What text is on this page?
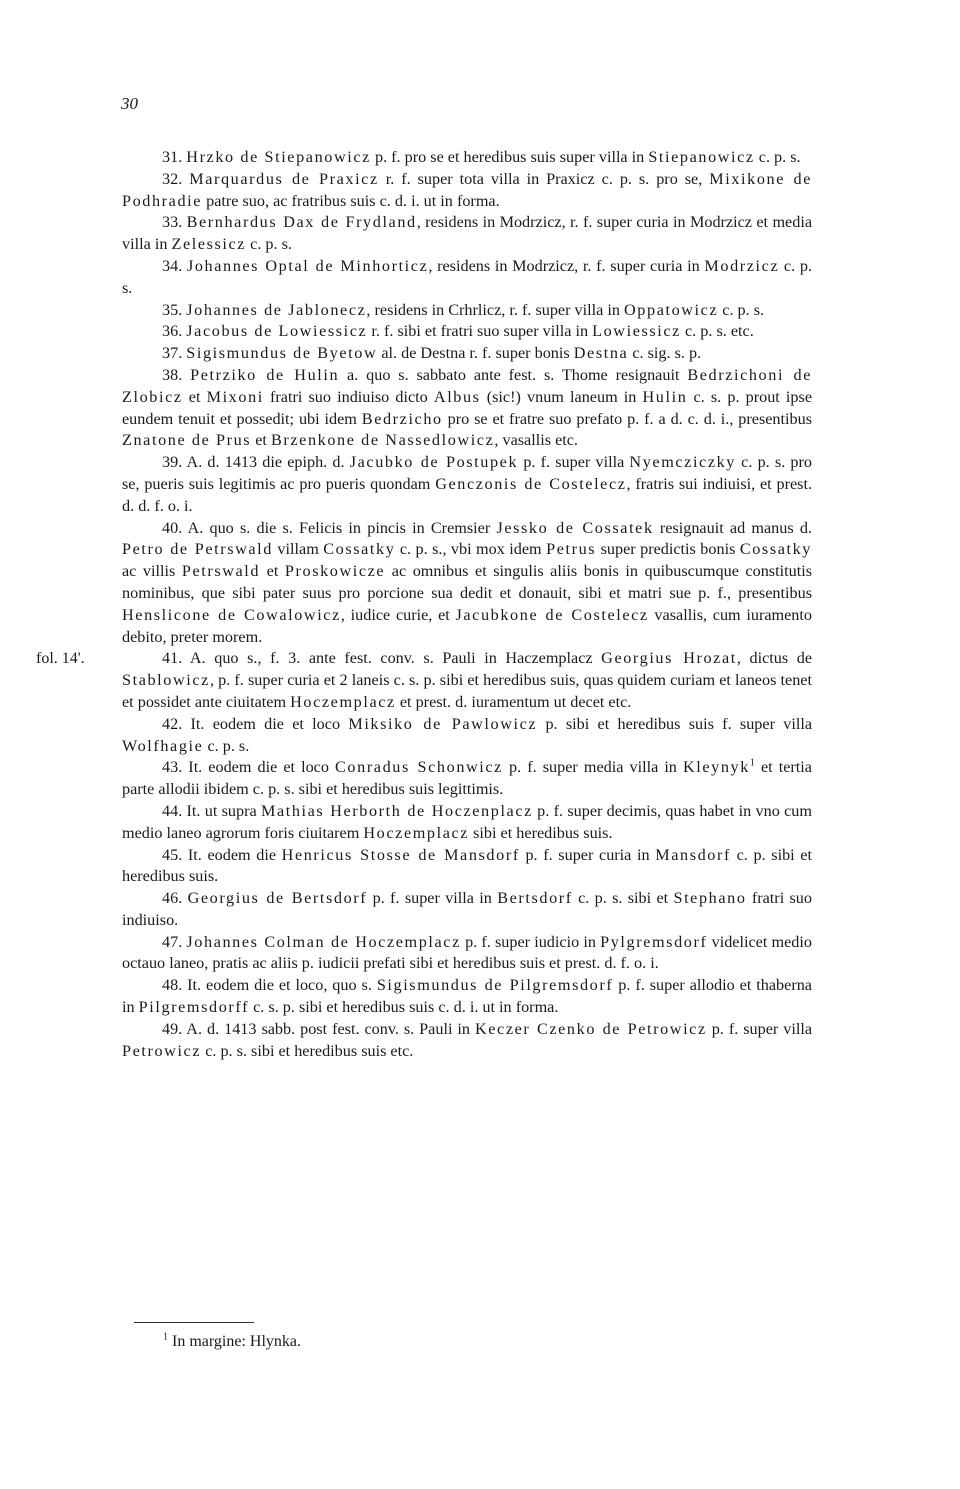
30
fol. 14'.

31. Hrzko de Stiepanowicz p. f. pro se et heredibus suis super villa in Stiepanowicz c. p. s.

32. Marquardus de Praxicz r. f. super tota villa in Praxicz c. p. s. pro se, Mixikone de Podhradie patre suo, ac fratribus suis c. d. i. ut in forma.

33. Bernhardus Dax de Frydland, residens in Modrzicz, r. f. super curia in Modrzicz et media villa in Zelessicz c. p. s.

34. Johannes Optal de Minhorticz, residens in Modrzicz, r. f. super curia in Modrzicz c. p. s.

35. Johannes de Jablonecz, residens in Crhrlicz, r. f. super villa in Oppatowicz c. p. s.

36. Jacobus de Lowiessicz r. f. sibi et fratri suo super villa in Lowiessicz c. p. s. etc.

37. Sigismundus de Byetow al. de Destna r. f. super bonis Destna c. sig. s. p.

38. Petrziko de Hulin a. quo s. sabbato ante fest. s. Thome resignauit Bedrzichoni de Zlobicz et Mixoni fratri suo indiuiso dicto Albus (sic!) vnum laneum in Hulin c. s. p. prout ipse eundem tenuit et possedit; ubi idem Bedrzicho pro se et fratre suo prefato p. f. a d. c. d. i., presentibus Znatone de Prus et Brzenkone de Nassedlowicz, vasallis etc.

39. A. d. 1413 die epiph. d. Jacubko de Postupek p. f. super villa Nyemcziczky c. p. s. pro se, pueris suis legitimis ac pro pueris quondam Genczonis de Costelecz, fratris sui indiuisi, et prest. d. d. f. o. i.

40. A. quo s. die s. Felicis in pincis in Cremsier Jessko de Cossatek resignauit ad manus d. Petro de Petrswald villam Cossatky c. p. s., vbi mox idem Petrus super predictis bonis Cossatky ac villis Petrswald et Proskowicze ac omnibus et singulis aliis bonis in quibuscumque constitutis nominibus, que sibi pater suus pro porcione sua dedit et donauit, sibi et matri sue p. f., presentibus Henslicone de Cowalowicz, iudice curie, et Jacubkone de Costelecz vasallis, cum iuramento debito, preter morem.

41. A. quo s., f. 3. ante fest. conv. s. Pauli in Haczemplacz Georgius Hrozat, dictus de Stablowicz, p. f. super curia et 2 laneis c. s. p. sibi et heredibus suis, quas quidem curiam et laneos tenet et possidet ante ciuitatem Hoczemplacz et prest. d. iuramentum ut decet etc.

42. It. eodem die et loco Miksiko de Pawlowicz p. sibi et heredibus suis f. super villa Wolfhagie c. p. s.

43. It. eodem die et loco Conradus Schonwicz p. f. super media villa in Kleynyk$^1$ et tertia parte allodii ibidem c. p. s. sibi et heredibus suis legittimis.

44. It. ut supra Mathias Herborth de Hoczenplacz p. f. super decimis, quas habet in vno cum medio laneo agrorum foris ciuitarem Hoczemplacz sibi et heredibus suis.

45. It. eodem die Henricus Stosse de Mansdorf p. f. super curia in Mansdorf c. p. sibi et heredibus suis.

46. Georgius de Bertsdorf p. f. super villa in Bertsdorf c. p. s. sibi et Stephano fratri suo indiuiso.

47. Johannes Colman de Hoczemplacz p. f. super iudicio in Pylgremsdorf videlicet medio octauo laneo, pratis ac aliis p. iudicii prefati sibi et heredibus suis et prest. d. f. o. i.

48. It. eodem die et loco, quo s. Sigismundus de Pilgremsdorf p. f. super allodio et thaberna in Pilgremsdorff c. s. p. sibi et heredibus suis c. d. i. ut in forma.

49. A. d. 1413 sabb. post fest. conv. s. Pauli in Keczer Czenko de Petrowicz p. f. super villa Petrowicz c. p. s. sibi et heredibus suis etc.

$^1$ In margine: Hlynka.
